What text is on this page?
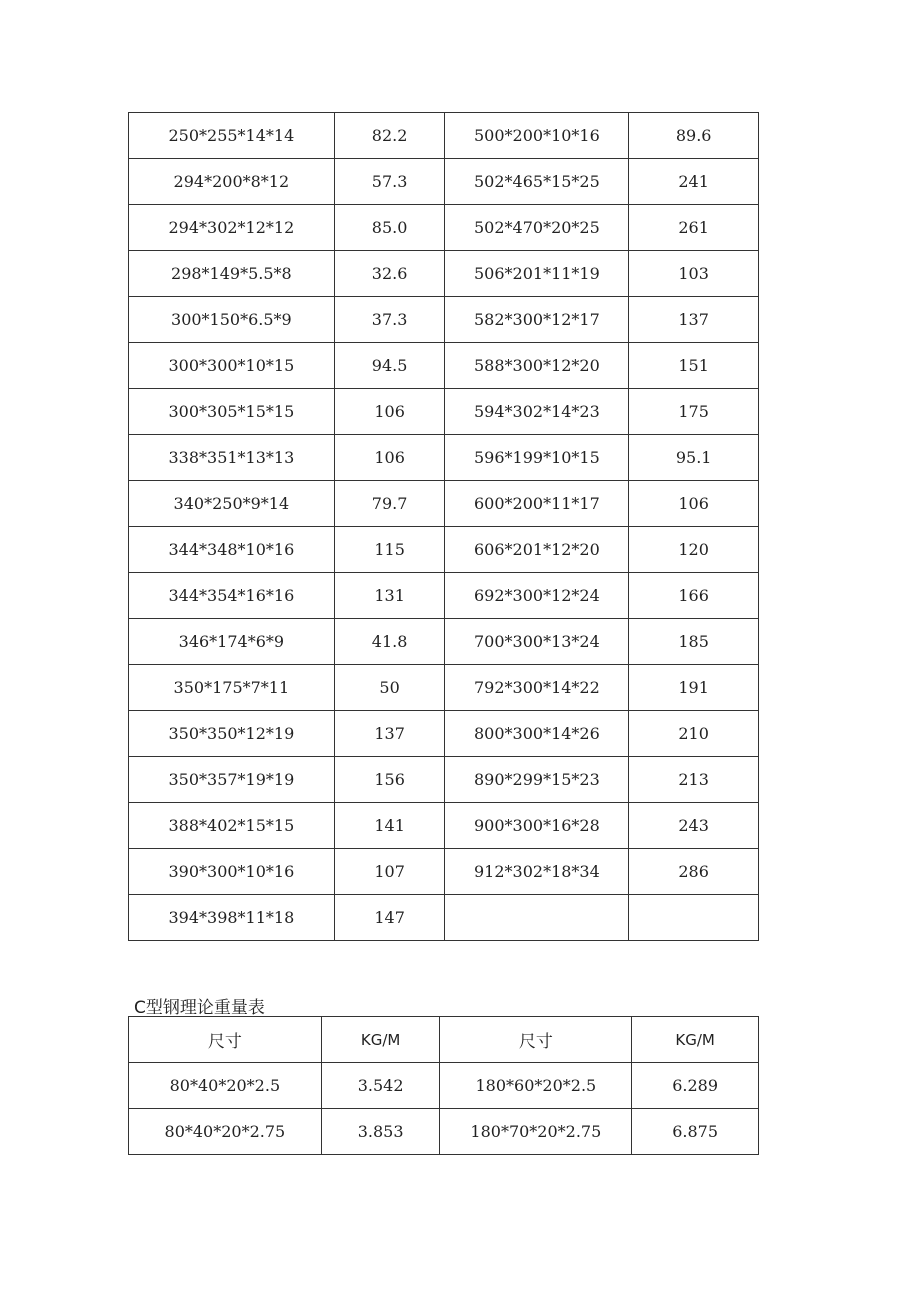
250*255*14*14	82.2	500*200*10*16	89.6
294*200*8*12	57.3	502*465*15*25	241
294*302*12*12	85.0	502*470*20*25	261
298*149*5.5*8	32.6	506*201*11*19	103
300*150*6.5*9	37.3	582*300*12*17	137
300*300*10*15	94.5	588*300*12*20	151
300*305*15*15	106	594*302*14*23	175
338*351*13*13	106	596*199*10*15	95.1
340*250*9*14	79.7	600*200*11*17	106
344*348*10*16	115	606*201*12*20	120
344*354*16*16	131	692*300*12*24	166
346*174*6*9	41.8	700*300*13*24	185
350*175*7*11	50	792*300*14*22	191
350*350*12*19	137	800*300*14*26	210
350*357*19*19	156	890*299*15*23	213
388*402*15*15	141	900*300*16*28	243
390*300*10*16	107	912*302*18*34	286
394*398*11*18	147		
C型钢理论重量表
尺寸	KG/M	尺寸	KG/M
80*40*20*2.5	3.542	180*60*20*2.5	6.289
80*40*20*2.75	3.853	180*70*20*2.75	6.875
